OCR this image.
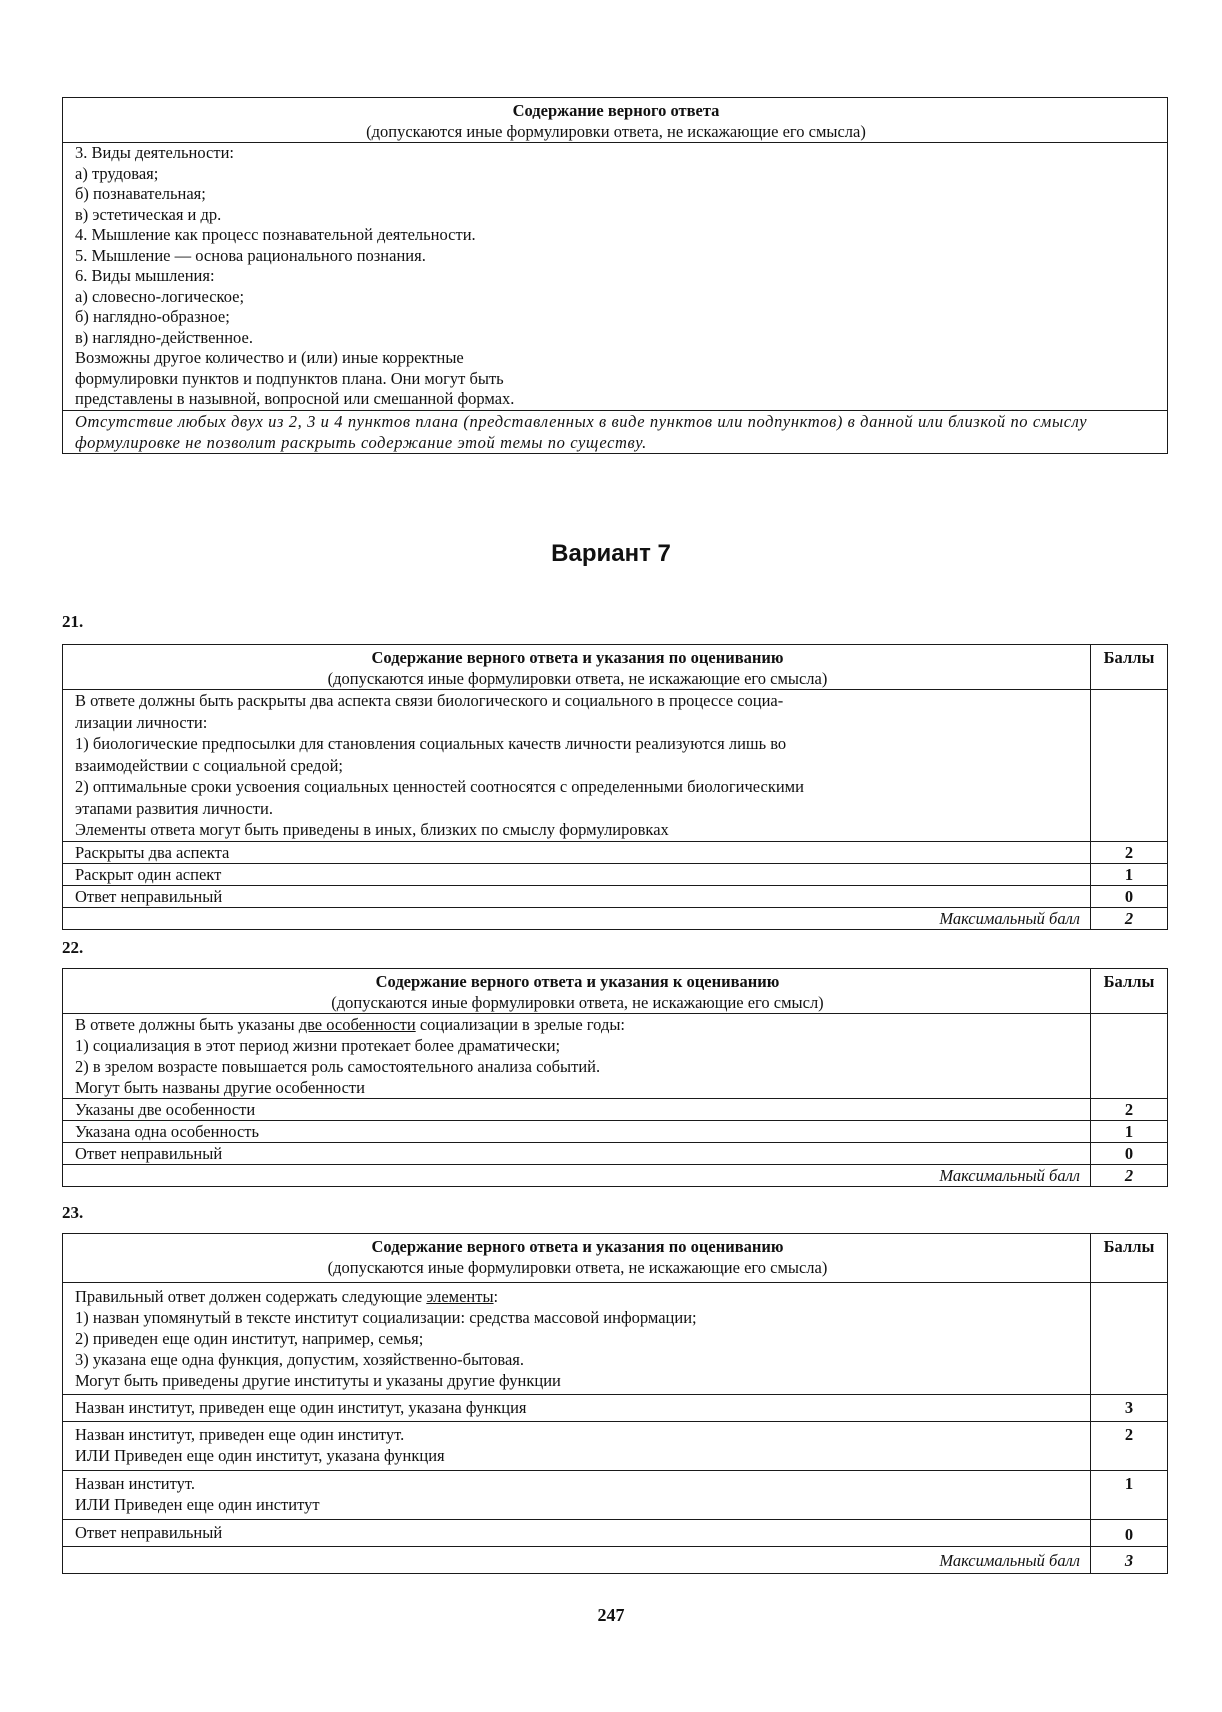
Содержание верного ответа
(допускаются иные формулировки ответа, не искажающие его смысла)

3. Виды деятельности:
а) трудовая;
б) познавательная;
в) эстетическая и др.
4. Мышление как процесс познавательной деятельности.
5. Мышление — основа рационального познания.
6. Виды мышления:
а) словесно-логическое;
б) наглядно-образное;
в) наглядно-действенное.
Возможны другое количество и (или) иные корректные
формулировки пунктов и подпунктов плана. Они могут быть
представлены в назывной, вопросной или смешанной формах.

Отсутствие любых двух из 2, 3 и 4 пунктов плана (представленных в виде пунктов или подпунктов) в данной или близкой по смыслу формулировке не позволит раскрыть содержание этой темы по существу.
Вариант 7
21.
Содержание верного ответа и указания по оцениванию
(допускаются иные формулировки ответа, не искажающие его смысла)	Баллы

В ответе должны быть раскрыты два аспекта связи биологического и социального в процессе социа-
лизации личности:
1) биологические предпосылки для становления социальных качеств личности реализуются лишь во
взаимодействии с социальной средой;
2) оптимальные сроки усвоения социальных ценностей соотносятся с определенными биологическими
этапами развития личности.
Элементы ответа могут быть приведены в иных, близких по смыслу формулировках

Раскрыты два аспекта	2
Раскрыт один аспект	1
Ответ неправильный	0
Максимальный балл	2
22.
Содержание верного ответа и указания к оцениванию
(допускаются иные формулировки ответа, не искажающие его смысл)	Баллы

В ответе должны быть указаны две особенности социализации в зрелые годы:
1) социализация в этот период жизни протекает более драматически;
2) в зрелом возрасте повышается роль самостоятельного анализа событий.
Могут быть названы другие особенности	

Указаны две особенности	2
Указана одна особенность	1
Ответ неправильный	0
Максимальный балл	2
23.
Содержание верного ответа и указания по оцениванию
(допускаются иные формулировки ответа, не искажающие его смысла)	Баллы

Правильный ответ должен содержать следующие элементы:
1) назван упомянутый в тексте институт социализации: средства массовой информации;
2) приведен еще один институт, например, семья;
3) указана еще одна функция, допустим, хозяйственно-бытовая.
Могут быть приведены другие институты и указаны другие функции	

Назван институт, приведен еще один институт, указана функция	3

Назван институт, приведен еще один институт.
ИЛИ Приведен еще один институт, указана функция	2

Назван институт.
ИЛИ Приведен еще один институт	1

Ответ неправильный	0
Максимальный балл	3
247
